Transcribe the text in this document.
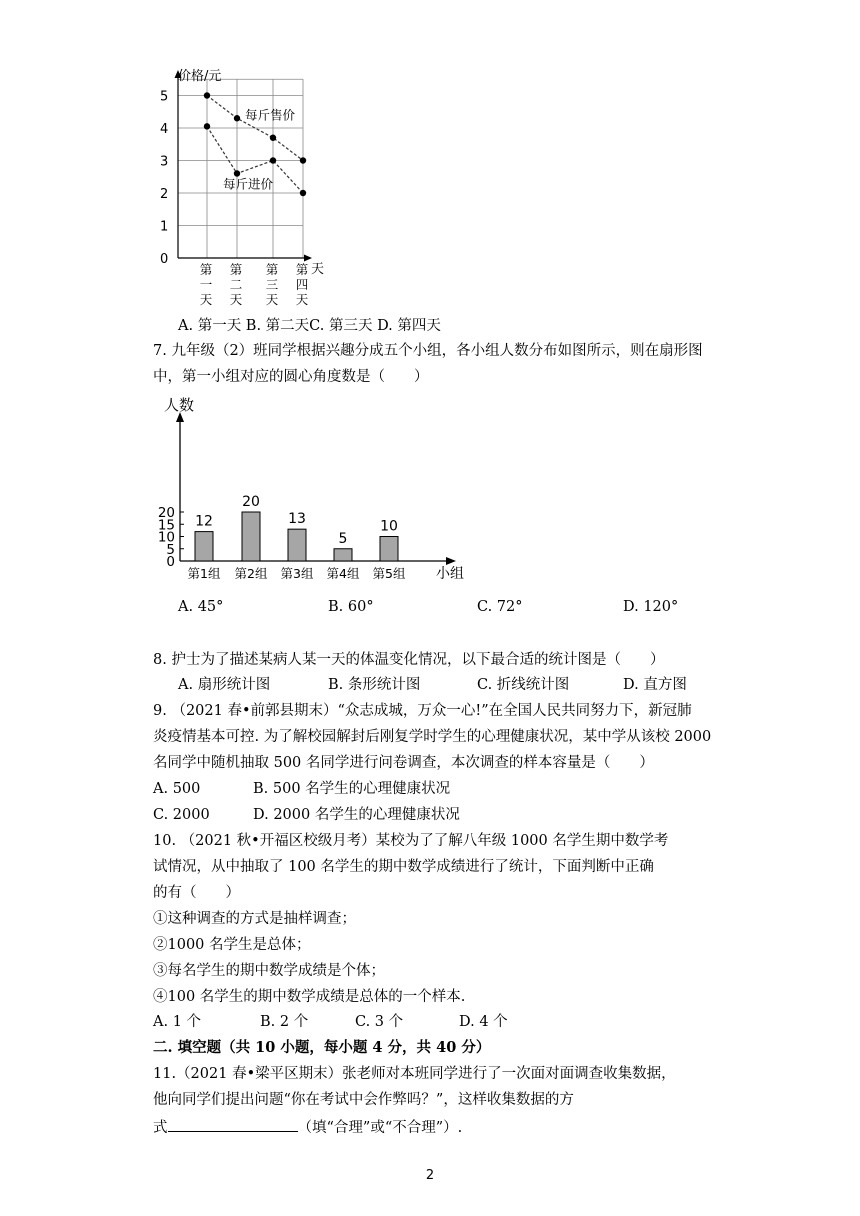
0
1
2
3
4
5
第一天
第二天
第三天
第四天
每斤售价
每斤进价
价格/元
天
A. 第一天 B. 第二天C. 第三天 D. 第四天
7. 九年级（2）班同学根据兴趣分成五个小组，各小组人数分布如图所示，则在扇形图
中，第一小组对应的圆心角度数是（　　）
0
5
10
15
20
12
第1组
20
第2组
13
第3组
5
第4组
10
第5组
人数
小组
A. 45°	B. 60°	C. 72°	D. 120°
8. 护士为了描述某病人某一天的体温变化情况，以下最合适的统计图是（　　）
A. 扇形统计图	B. 条形统计图	C. 折线统计图	D. 直方图
9. （2021 春•前郭县期末）“众志成城，万众一心!”在全国人民共同努力下，新冠肺
炎疫情基本可控. 为了解校园解封后刚复学时学生的心理健康状况，某中学从该校 2000
名同学中随机抽取 500 名同学进行问卷调查，本次调查的样本容量是（　　）
A. 500	B. 500 名学生的心理健康状况
C. 2000	D. 2000 名学生的心理健康状况
10. （2021 秋•开福区校级月考）某校为了了解八年级 1000 名学生期中数学考
试情况，从中抽取了 100 名学生的期中数学成绩进行了统计，下面判断中正确
的有（　　）
①这种调查的方式是抽样调查；
②1000 名学生是总体；
③每名学生的期中数学成绩是个体；
④100 名学生的期中数学成绩是总体的一个样本.
A. 1 个	B. 2 个	C. 3 个	D. 4 个
二. 填空题（共 10 小题，每小题 4 分，共 40 分）
11.（2021 春•梁平区期末）张老师对本班同学进行了一次面对面调查收集数据，
他向同学们提出问题“你在考试中会作弊吗？”，这样收集数据的方
式	（填“合理”或“不合理”）.
2
